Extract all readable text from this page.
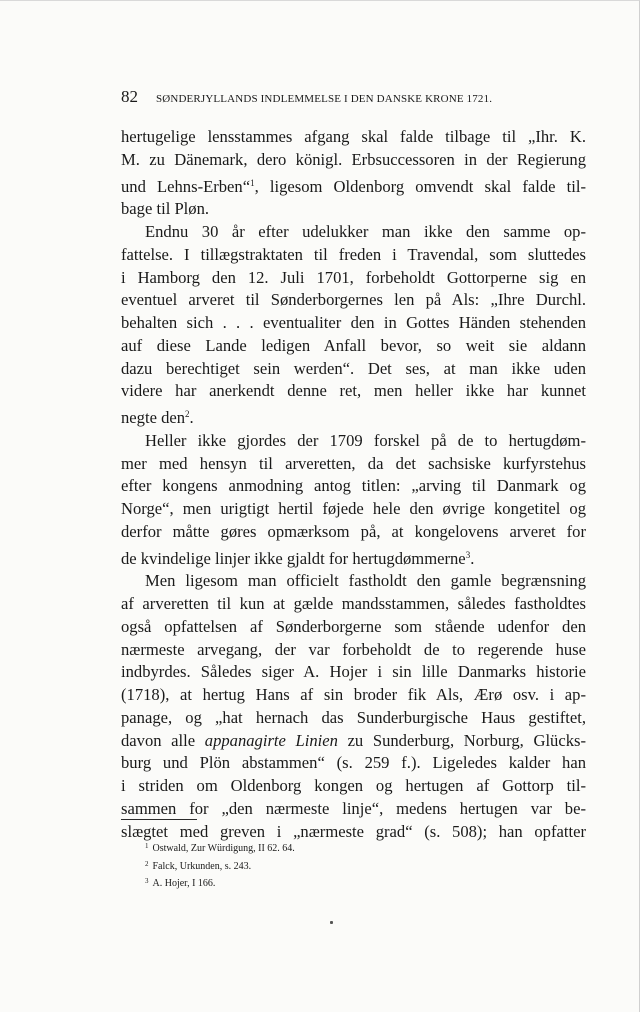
82 SØNDERJYLLANDS INDLEMMELSE I DEN DANSKE KRONE 1721.

hertugelige lensstammes afgang skal falde tilbage til „Ihr. K.
M. zu Dänemark, dero königl. Erbsuccessoren in der Regierung
und Lehns-Erben“$^1$, ligesom Oldenborg omvendt skal falde til-
bage til Pløn.

Endnu 30 år efter udelukker man ikke den samme op-
fattelse. I tillægstraktaten til freden i Travendal, som sluttedes
i Hamborg den 12. Juli 1701, forbeholdt Gottorperne sig en
eventuel arveret til Sønderborgernes len på Als: „Ihre Durchl.
behalten sich . . . eventualiter den in Gottes Händen stehenden
auf diese Lande ledigen Anfall bevor, so weit sie aldann
dazu berechtiget sein werden“. Det ses, at man ikke uden
videre har anerkendt denne ret, men heller ikke har kunnet
negte den$^2$.

Heller ikke gjordes der 1709 forskel på de to hertugdøm-
mer med hensyn til arveretten, da det sachsiske kurfyrstehus
efter kongens anmodning antog titlen: „arving til Danmark og
Norge“, men urigtigt hertil føjede hele den øvrige kongetitel og
derfor måtte gøres opmærksom på, at kongelovens arveret for
de kvindelige linjer ikke gjaldt for hertugdømmerne$^3$.

Men ligesom man officielt fastholdt den gamle begrænsning
af arveretten til kun at gælde mandsstammen, således fastholdtes
også opfattelsen af Sønderborgerne som stående udenfor den
nærmeste arvegang, der var forbeholdt de to regerende huse
indbyrdes. Således siger A. Hojer i sin lille Danmarks historie
(1718), at hertug Hans af sin broder fik Als, Ærø osv. i ap-
panage, og „hat hernach das Sunderburgische Haus gestiftet,
davon alle appanagirte Linien zu Sunderburg, Norburg, Glücks-
burg und Plön abstammen“ (s. 259 f.). Ligeledes kalder han
i striden om Oldenborg kongen og hertugen af Gottorp til-
sammen for „den nærmeste linje“, medens hertugen var be-
slægtet med greven i „nærmeste grad“ (s. 508); han opfatter

$^1$ Ostwald, Zur Würdigung, II 62. 64.
$^2$ Falck, Urkunden, s. 243.
$^3$ A. Hojer, I 166.
